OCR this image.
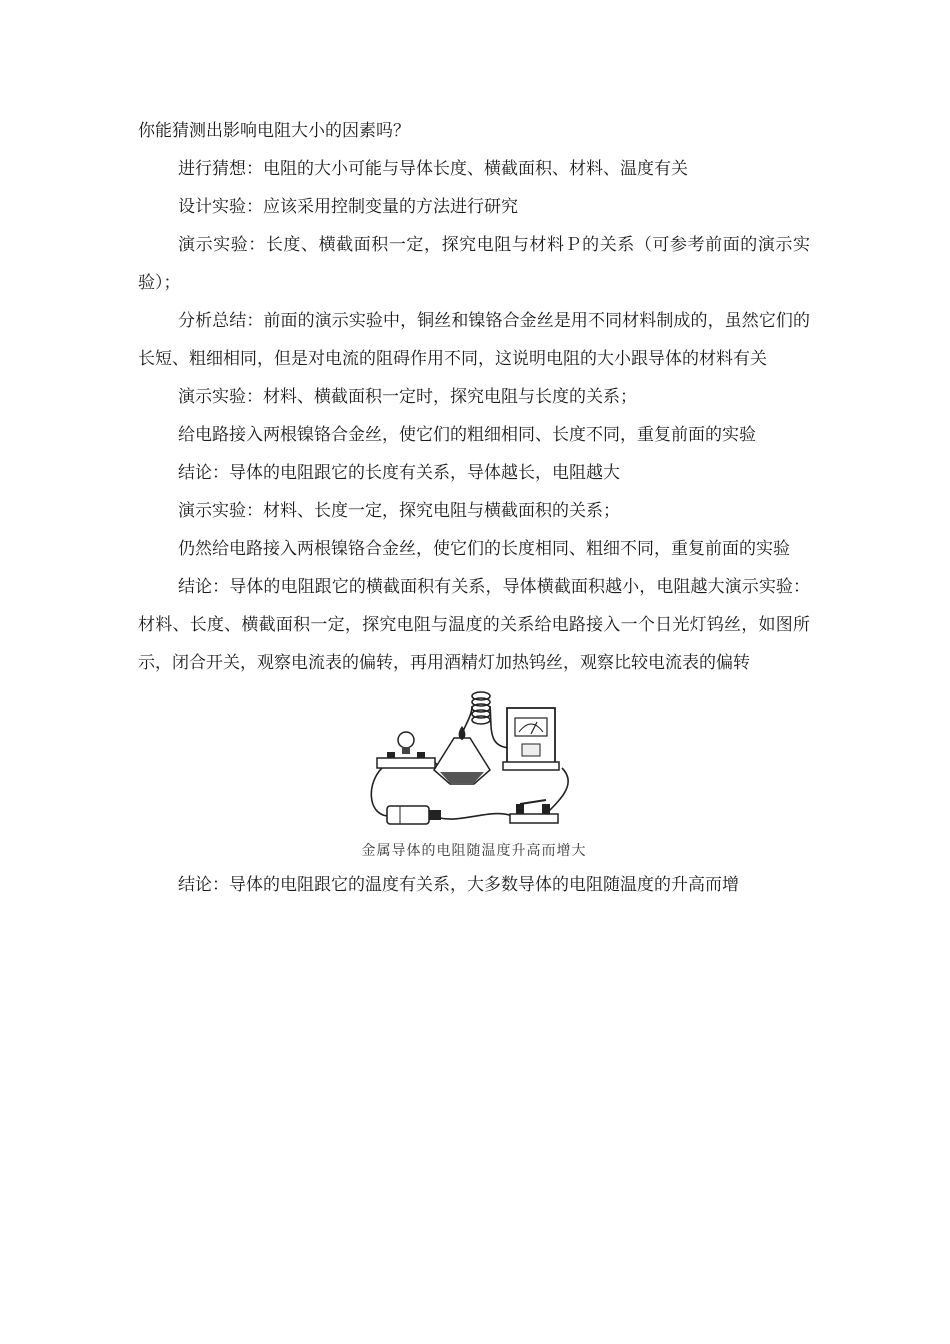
你能猜测出影响电阻大小的因素吗？

进行猜想：电阻的大小可能与导体长度、横截面积、材料、温度有关

设计实验：应该采用控制变量的方法进行研究

演示实验：长度、横截面积一定，探究电阻与材料Ｐ的关系（可参考前面的演示实验）；

分析总结：前面的演示实验中，铜丝和镍铬合金丝是用不同材料制成的，虽然它们的长短、粗细相同，但是对电流的阻碍作用不同，这说明电阻的大小跟导体的材料有关

演示实验：材料、横截面积一定时，探究电阻与长度的关系；

给电路接入两根镍铬合金丝，使它们的粗细相同、长度不同，重复前面的实验

结论：导体的电阻跟它的长度有关系，导体越长，电阻越大

演示实验：材料、长度一定，探究电阻与横截面积的关系；

仍然给电路接入两根镍铬合金丝，使它们的长度相同、粗细不同，重复前面的实验

结论：导体的电阻跟它的横截面积有关系，导体横截面积越小，电阻越大演示实验：材料、长度、横截面积一定，探究电阻与温度的关系给电路接入一个日光灯钨丝，如图所示，闭合开关，观察电流表的偏转，再用酒精灯加热钨丝，观察比较电流表的偏转

金属导体的电阻随温度升高而增大

结论：导体的电阻跟它的温度有关系，大多数导体的电阻随温度的升高而增
